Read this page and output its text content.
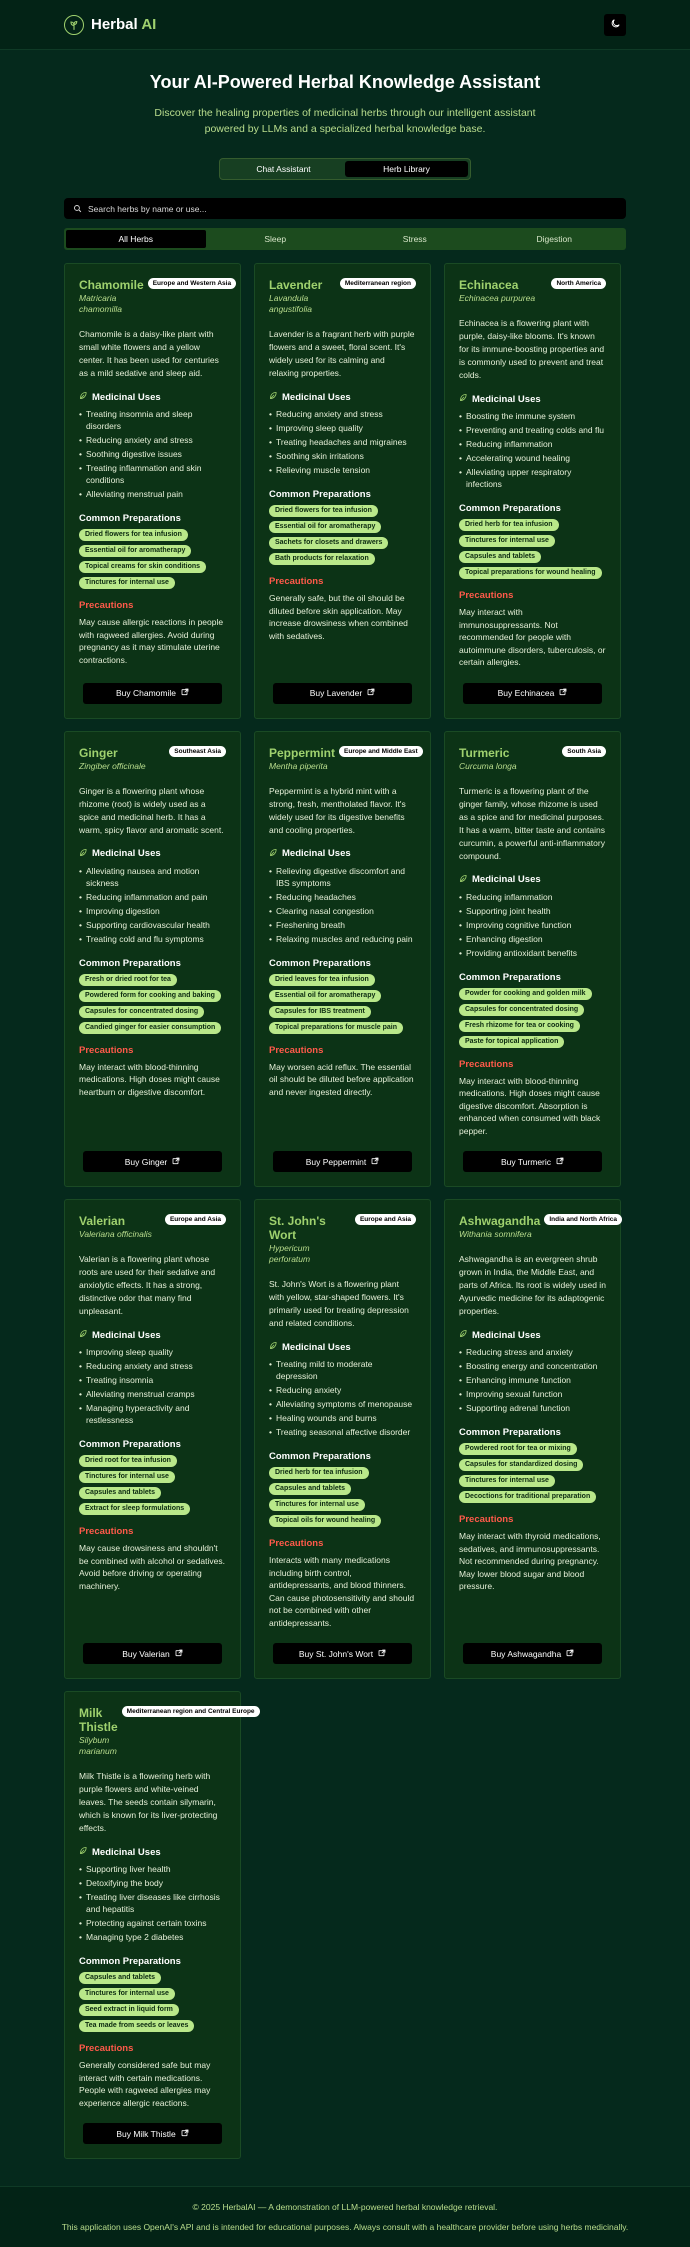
Herbal AI
Your AI-Powered Herbal Knowledge Assistant

Discover the healing properties of medicinal herbs through our intelligent assistant powered by LLMs and a specialized herbal knowledge base.

Chat Assistant	Herb Library
Search herbs by name or use...
All Herbs	Sleep	Stress	Digestion
Chamomile
Matricaria chamomilla
Europe and Western Asia

Chamomile is a daisy-like plant with small white flowers and a yellow center. It has been used for centuries as a mild sedative and sleep aid.

Medicinal Uses
• Treating insomnia and sleep disorders
• Reducing anxiety and stress
• Soothing digestive issues
• Treating inflammation and skin conditions
• Alleviating menstrual pain
Common Preparations
Dried flowers for tea infusion
Essential oil for aromatherapy
Topical creams for skin conditions
Tinctures for internal use
Precautions

May cause allergic reactions in people with ragweed allergies. Avoid during pregnancy as it may stimulate uterine contractions.

Buy Chamomile
Lavender
Lavandula angustifolia
Mediterranean region

Lavender is a fragrant herb with purple flowers and a sweet, floral scent. It's widely used for its calming and relaxing properties.

Medicinal Uses
• Reducing anxiety and stress
• Improving sleep quality
• Treating headaches and migraines
• Soothing skin irritations
• Relieving muscle tension
Common Preparations
Dried flowers for tea infusion
Essential oil for aromatherapy
Sachets for closets and drawers
Bath products for relaxation
Precautions

Generally safe, but the oil should be diluted before skin application. May increase drowsiness when combined with sedatives.

Buy Lavender
Echinacea
Echinacea purpurea
North America

Echinacea is a flowering plant with purple, daisy-like blooms. It's known for its immune-boosting properties and is commonly used to prevent and treat colds.

Medicinal Uses
• Boosting the immune system
• Preventing and treating colds and flu
• Reducing inflammation
• Accelerating wound healing
• Alleviating upper respiratory infections
Common Preparations
Dried herb for tea infusion
Tinctures for internal use
Capsules and tablets
Topical preparations for wound healing
Precautions

May interact with immunosuppressants. Not recommended for people with autoimmune disorders, tuberculosis, or certain allergies.

Buy Echinacea
Ginger
Zingiber officinale
Southeast Asia

Ginger is a flowering plant whose rhizome (root) is widely used as a spice and medicinal herb. It has a warm, spicy flavor and aromatic scent.

Medicinal Uses
• Alleviating nausea and motion sickness
• Reducing inflammation and pain
• Improving digestion
• Supporting cardiovascular health
• Treating cold and flu symptoms
Common Preparations
Fresh or dried root for tea
Powdered form for cooking and baking
Capsules for concentrated dosing
Candied ginger for easier consumption
Precautions

May interact with blood-thinning medications. High doses might cause heartburn or digestive discomfort.

Buy Ginger
Peppermint
Mentha piperita
Europe and Middle East

Peppermint is a hybrid mint with a strong, fresh, mentholated flavor. It's widely used for its digestive benefits and cooling properties.

Medicinal Uses
• Relieving digestive discomfort and IBS symptoms
• Reducing headaches
• Clearing nasal congestion
• Freshening breath
• Relaxing muscles and reducing pain
Common Preparations
Dried leaves for tea infusion
Essential oil for aromatherapy
Capsules for IBS treatment
Topical preparations for muscle pain
Precautions

May worsen acid reflux. The essential oil should be diluted before application and never ingested directly.

Buy Peppermint
Turmeric
Curcuma longa
South Asia

Turmeric is a flowering plant of the ginger family, whose rhizome is used as a spice and for medicinal purposes. It has a warm, bitter taste and contains curcumin, a powerful anti-inflammatory compound.

Medicinal Uses
• Reducing inflammation
• Supporting joint health
• Improving cognitive function
• Enhancing digestion
• Providing antioxidant benefits
Common Preparations
Powder for cooking and golden milk
Capsules for concentrated dosing
Fresh rhizome for tea or cooking
Paste for topical application
Precautions

May interact with blood-thinning medications. High doses might cause digestive discomfort. Absorption is enhanced when consumed with black pepper.

Buy Turmeric
Valerian
Valeriana officinalis
Europe and Asia

Valerian is a flowering plant whose roots are used for their sedative and anxiolytic effects. It has a strong, distinctive odor that many find unpleasant.

Medicinal Uses
• Improving sleep quality
• Reducing anxiety and stress
• Treating insomnia
• Alleviating menstrual cramps
• Managing hyperactivity and restlessness
Common Preparations
Dried root for tea infusion
Tinctures for internal use
Capsules and tablets
Extract for sleep formulations
Precautions

May cause drowsiness and shouldn't be combined with alcohol or sedatives. Avoid before driving or operating machinery.

Buy Valerian
St. John's Wort
Hypericum perforatum
Europe and Asia

St. John's Wort is a flowering plant with yellow, star-shaped flowers. It's primarily used for treating depression and related conditions.

Medicinal Uses
• Treating mild to moderate depression
• Reducing anxiety
• Alleviating symptoms of menopause
• Healing wounds and burns
• Treating seasonal affective disorder
Common Preparations
Dried herb for tea infusion
Capsules and tablets
Tinctures for internal use
Topical oils for wound healing
Precautions

Interacts with many medications including birth control, antidepressants, and blood thinners. Can cause photosensitivity and should not be combined with other antidepressants.

Buy St. John's Wort
Ashwagandha
Withania somnifera
India and North Africa

Ashwagandha is an evergreen shrub grown in India, the Middle East, and parts of Africa. Its root is widely used in Ayurvedic medicine for its adaptogenic properties.

Medicinal Uses
• Reducing stress and anxiety
• Boosting energy and concentration
• Enhancing immune function
• Improving sexual function
• Supporting adrenal function
Common Preparations
Powdered root for tea or mixing
Capsules for standardized dosing
Tinctures for internal use
Decoctions for traditional preparation
Precautions

May interact with thyroid medications, sedatives, and immunosuppressants. Not recommended during pregnancy. May lower blood sugar and blood pressure.

Buy Ashwagandha
Milk Thistle
Silybum marianum
Mediterranean region and Central Europe

Milk Thistle is a flowering herb with purple flowers and white-veined leaves. The seeds contain silymarin, which is known for its liver-protecting effects.

Medicinal Uses
• Supporting liver health
• Detoxifying the body
• Treating liver diseases like cirrhosis and hepatitis
• Protecting against certain toxins
• Managing type 2 diabetes
Common Preparations
Capsules and tablets
Tinctures for internal use
Seed extract in liquid form
Tea made from seeds or leaves
Precautions

Generally considered safe but may interact with certain medications. People with ragweed allergies may experience allergic reactions.

Buy Milk Thistle

© 2025 HerbalAI — A demonstration of LLM-powered herbal knowledge retrieval.

This application uses OpenAI's API and is intended for educational purposes. Always consult with a healthcare provider before using herbs medicinally.
